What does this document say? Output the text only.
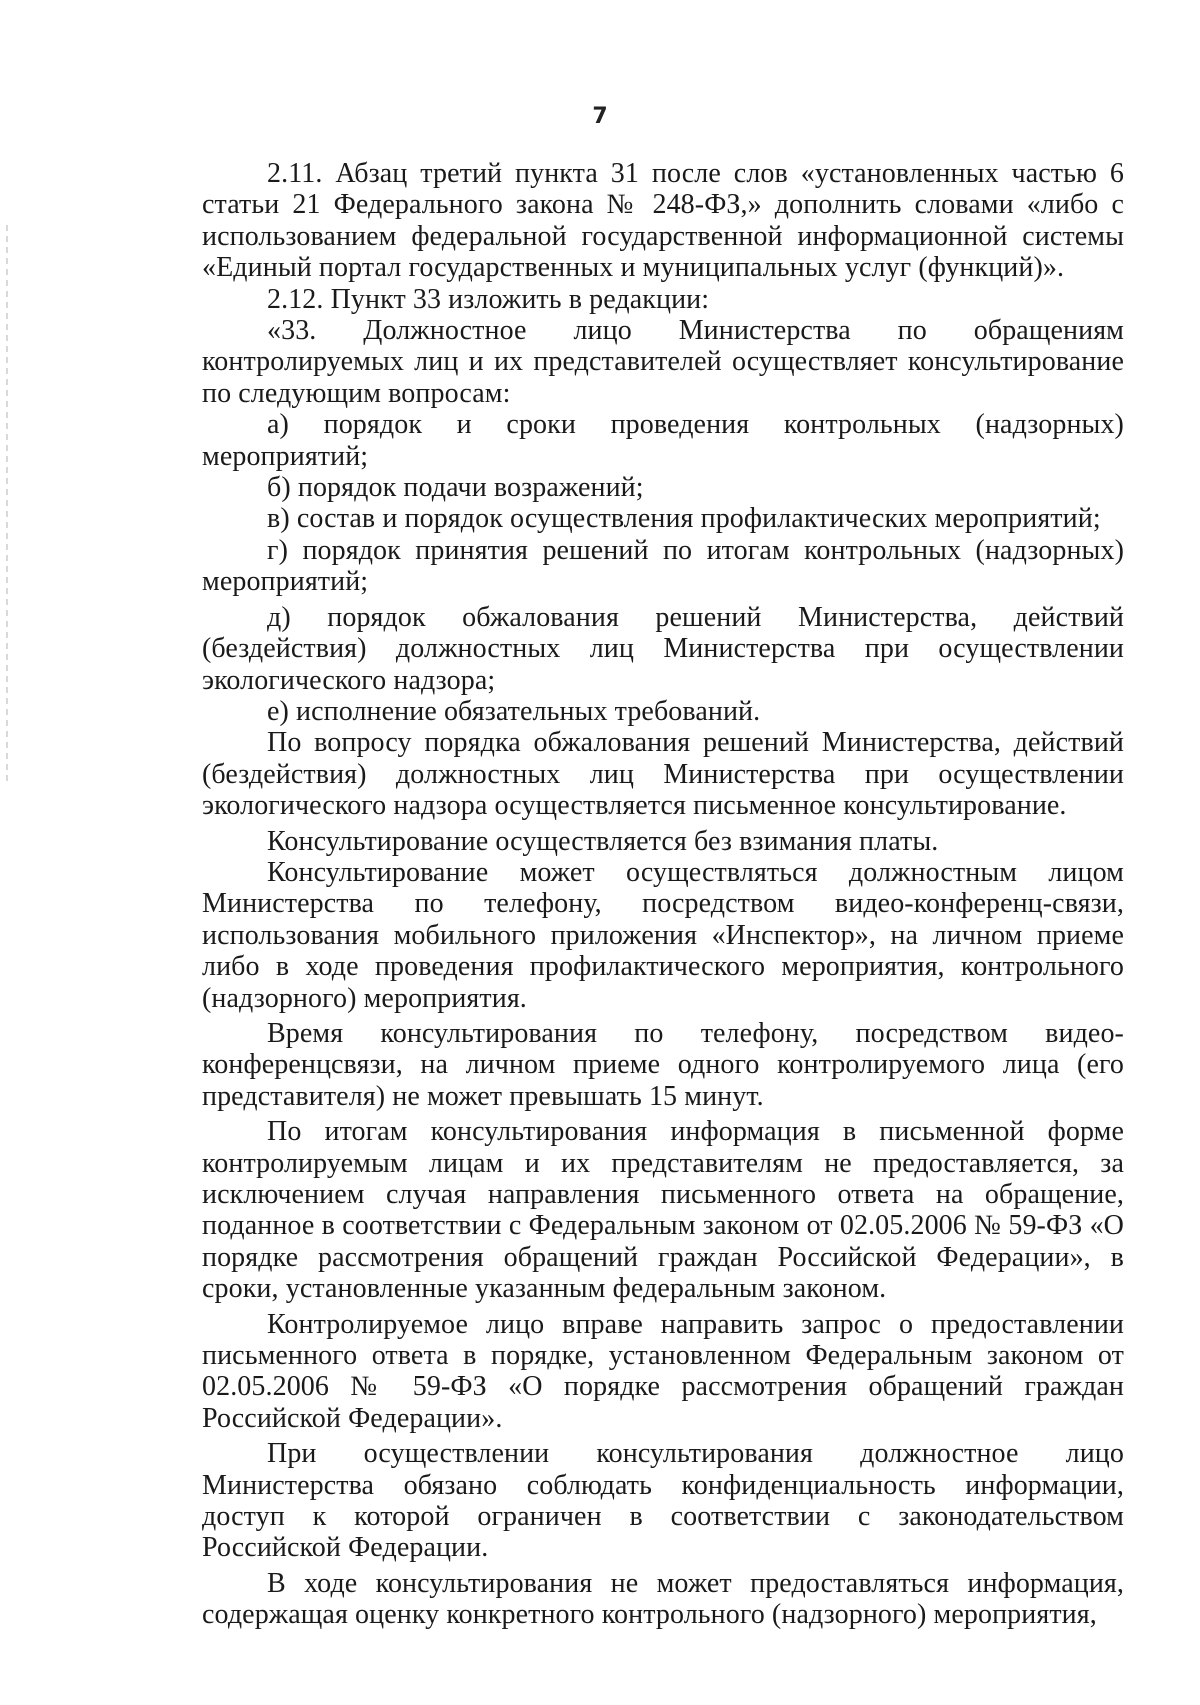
7

2.11. Абзац третий пункта 31 после слов «установленных частью 6 статьи 21 Федерального закона № 248-ФЗ,» дополнить словами «либо с использованием федеральной государственной информационной системы «Единый портал государственных и муниципальных услуг (функций)».

2.12. Пункт 33 изложить в редакции:

«33. Должностное лицо Министерства по обращениям контролируемых лиц и их представителей осуществляет консультирование по следующим вопросам:

а) порядок и сроки проведения контрольных (надзорных) мероприятий;

б) порядок подачи возражений;

в) состав и порядок осуществления профилактических мероприятий;

г) порядок принятия решений по итогам контрольных (надзорных) мероприятий;

д) порядок обжалования решений Министерства, действий (бездействия) должностных лиц Министерства при осуществлении экологического надзора;

е) исполнение обязательных требований.

По вопросу порядка обжалования решений Министерства, действий (бездействия) должностных лиц Министерства при осуществлении экологического надзора осуществляется письменное консультирование.

Консультирование осуществляется без взимания платы.

Консультирование может осуществляться должностным лицом Министерства по телефону, посредством видео-конференц-связи, использования мобильного приложения «Инспектор», на личном приеме либо в ходе проведения профилактического мероприятия, контрольного (надзорного) мероприятия.

Время консультирования по телефону, посредством видео-конференцсвязи, на личном приеме одного контролируемого лица (его представителя) не может превышать 15 минут.

По итогам консультирования информация в письменной форме контролируемым лицам и их представителям не предоставляется, за исключением случая направления письменного ответа на обращение, поданное в соответствии с Федеральным законом от 02.05.2006 № 59-ФЗ «О порядке рассмотрения обращений граждан Российской Федерации», в сроки, установленные указанным федеральным законом.

Контролируемое лицо вправе направить запрос о предоставлении письменного ответа в порядке, установленном Федеральным законом от 02.05.2006 № 59-ФЗ «О порядке рассмотрения обращений граждан Российской Федерации».

При осуществлении консультирования должностное лицо Министерства обязано соблюдать конфиденциальность информации, доступ к которой ограничен в соответствии с законодательством Российской Федерации.

В ходе консультирования не может предоставляться информация, содержащая оценку конкретного контрольного (надзорного) мероприятия,
